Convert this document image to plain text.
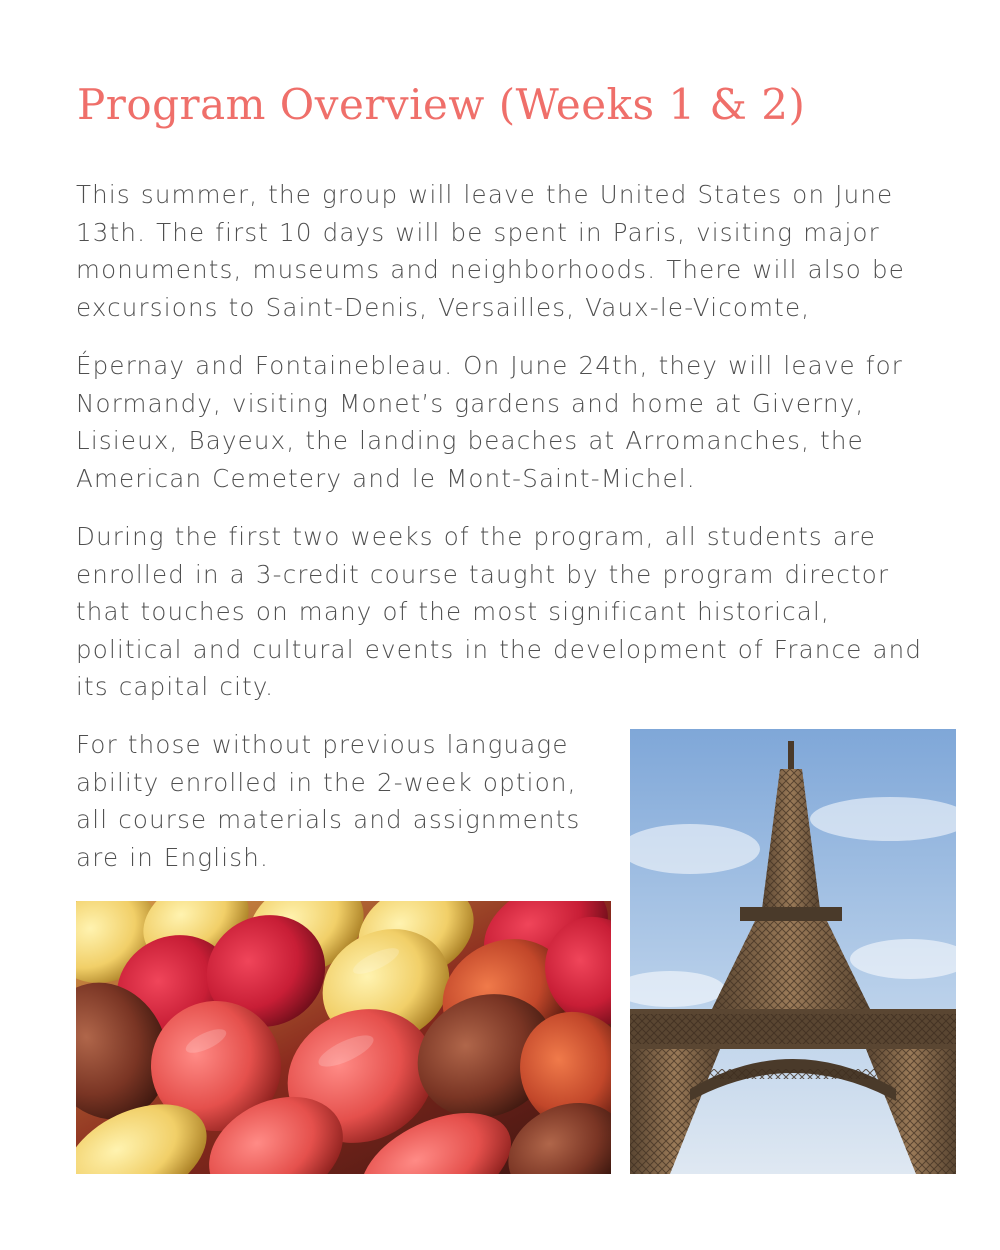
Program Overview (Weeks 1 & 2)

This summer, the group will leave the United States on June 13th. The first 10 days will be spent in Paris, visiting major monuments, museums and neighborhoods. There will also be excursions to Saint-Denis, Versailles, Vaux-le-Vicomte,

Épernay and Fontainebleau. On June 24th, they will leave for Normandy, visiting Monet’s gardens and home at Giverny, Lisieux, Bayeux, the landing beaches at Arromanches, the American Cemetery and le Mont-Saint-Michel.

During the first two weeks of the program, all students are enrolled in a 3-credit course taught by the program director that touches on many of the most significant historical, political and cultural events in the development of France and its capital city.

For those without previous language ability enrolled in the 2-week option, all course materials and assignments are in English.
